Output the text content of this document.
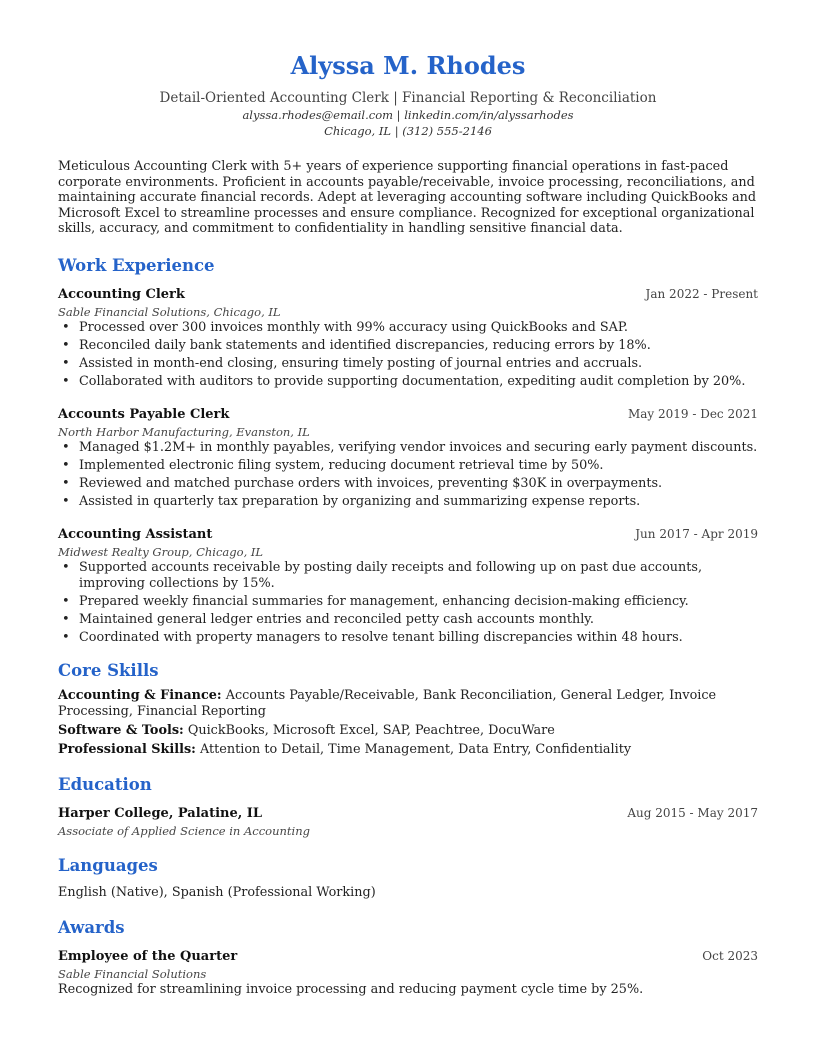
Alyssa M. Rhodes
Detail-Oriented Accounting Clerk | Financial Reporting & Reconciliation
alyssa.rhodes@email.com | linkedin.com/in/alyssarhodes
Chicago, IL | (312) 555-2146
Meticulous Accounting Clerk with 5+ years of experience supporting financial operations in fast-paced corporate environments. Proficient in accounts payable/receivable, invoice processing, reconciliations, and maintaining accurate financial records. Adept at leveraging accounting software including QuickBooks and Microsoft Excel to streamline processes and ensure compliance. Recognized for exceptional organizational skills, accuracy, and commitment to confidentiality in handling sensitive financial data.
Work Experience
Accounting Clerk	Jan 2022 - Present
Sable Financial Solutions, Chicago, IL
• Processed over 300 invoices monthly with 99% accuracy using QuickBooks and SAP.
• Reconciled daily bank statements and identified discrepancies, reducing errors by 18%.
• Assisted in month-end closing, ensuring timely posting of journal entries and accruals.
• Collaborated with auditors to provide supporting documentation, expediting audit completion by 20%.
Accounts Payable Clerk	May 2019 - Dec 2021
North Harbor Manufacturing, Evanston, IL
• Managed $1.2M+ in monthly payables, verifying vendor invoices and securing early payment discounts.
• Implemented electronic filing system, reducing document retrieval time by 50%.
• Reviewed and matched purchase orders with invoices, preventing $30K in overpayments.
• Assisted in quarterly tax preparation by organizing and summarizing expense reports.
Accounting Assistant	Jun 2017 - Apr 2019
Midwest Realty Group, Chicago, IL
• Supported accounts receivable by posting daily receipts and following up on past due accounts, improving collections by 15%.
• Prepared weekly financial summaries for management, enhancing decision-making efficiency.
• Maintained general ledger entries and reconciled petty cash accounts monthly.
• Coordinated with property managers to resolve tenant billing discrepancies within 48 hours.
Core Skills
Accounting & Finance: Accounts Payable/Receivable, Bank Reconciliation, General Ledger, Invoice Processing, Financial Reporting
Software & Tools: QuickBooks, Microsoft Excel, SAP, Peachtree, DocuWare
Professional Skills: Attention to Detail, Time Management, Data Entry, Confidentiality
Education
Harper College, Palatine, IL	Aug 2015 - May 2017
Associate of Applied Science in Accounting
Languages
English (Native), Spanish (Professional Working)
Awards
Employee of the Quarter	Oct 2023
Sable Financial Solutions
Recognized for streamlining invoice processing and reducing payment cycle time by 25%.
